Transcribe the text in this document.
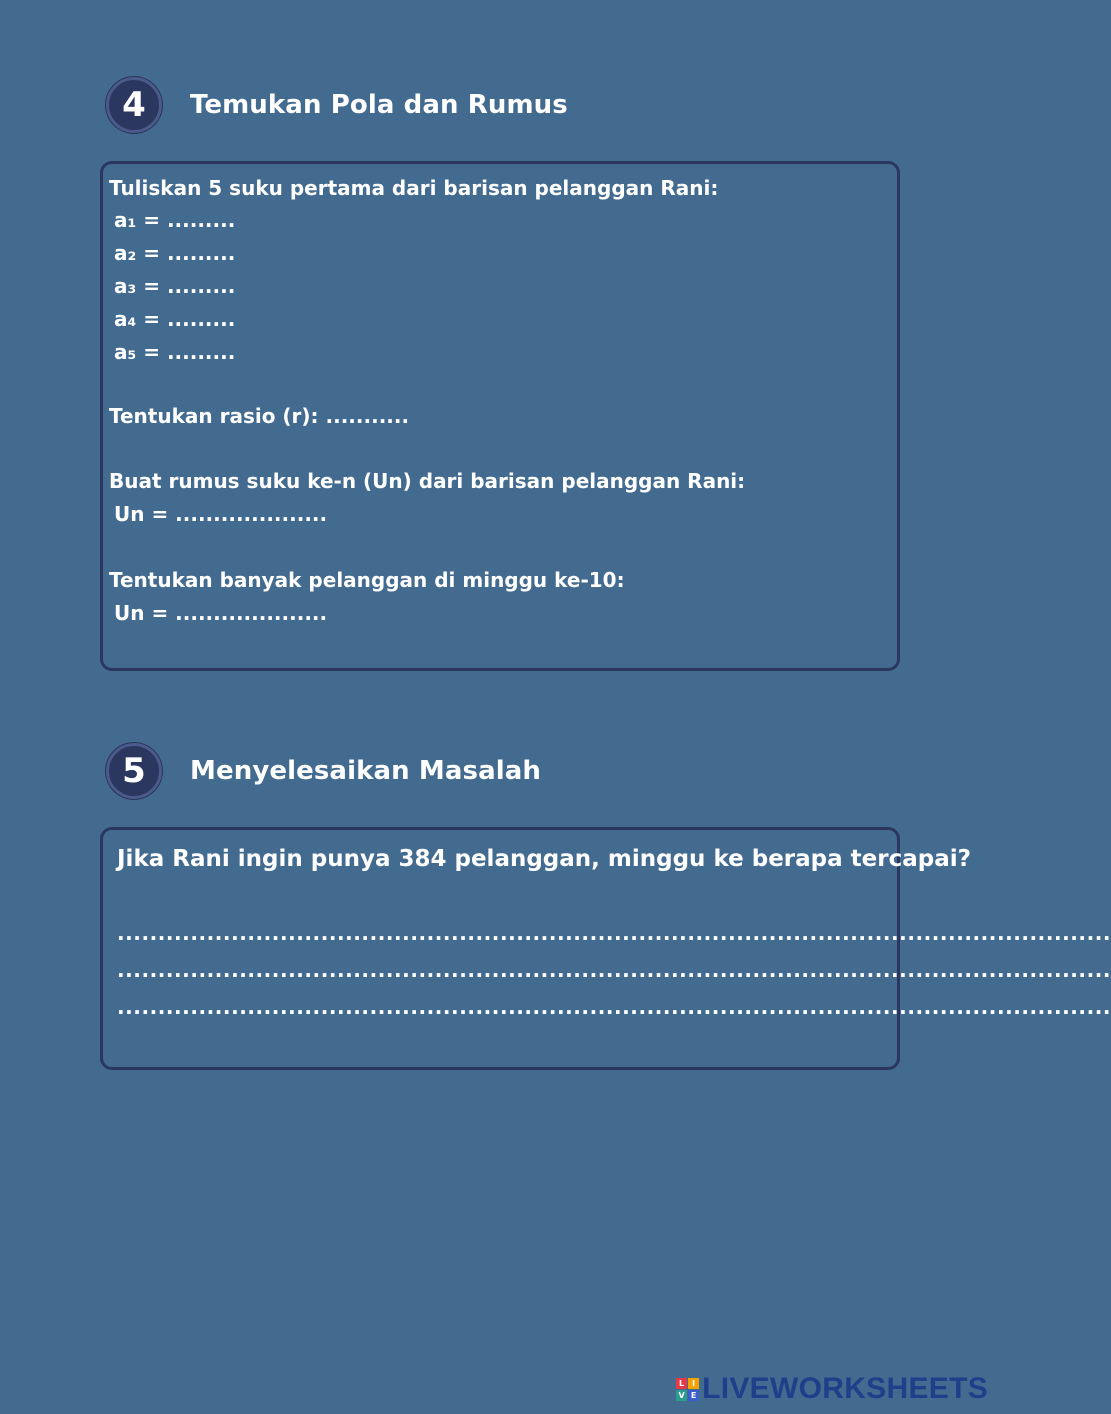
4	Temukan Pola dan Rumus
Tuliskan 5 suku pertama dari barisan pelanggan Rani:
a₁ = .........
a₂ = .........
a₃ = .........
a₄ = .........
a₅ = .........
Tentukan rasio (r): ...........
Buat rumus suku ke-n (Un) dari barisan pelanggan Rani:
Un = ....................
Tentukan banyak pelanggan di minggu ke-10:
Un = ....................
5	Menyelesaikan Masalah
Jika Rani ingin punya 384 pelanggan, minggu ke berapa tercapai?
..........................................................................................................................
..........................................................................................................................
..........................................................................................................................
L I
V E LIVEWORKSHEETS
